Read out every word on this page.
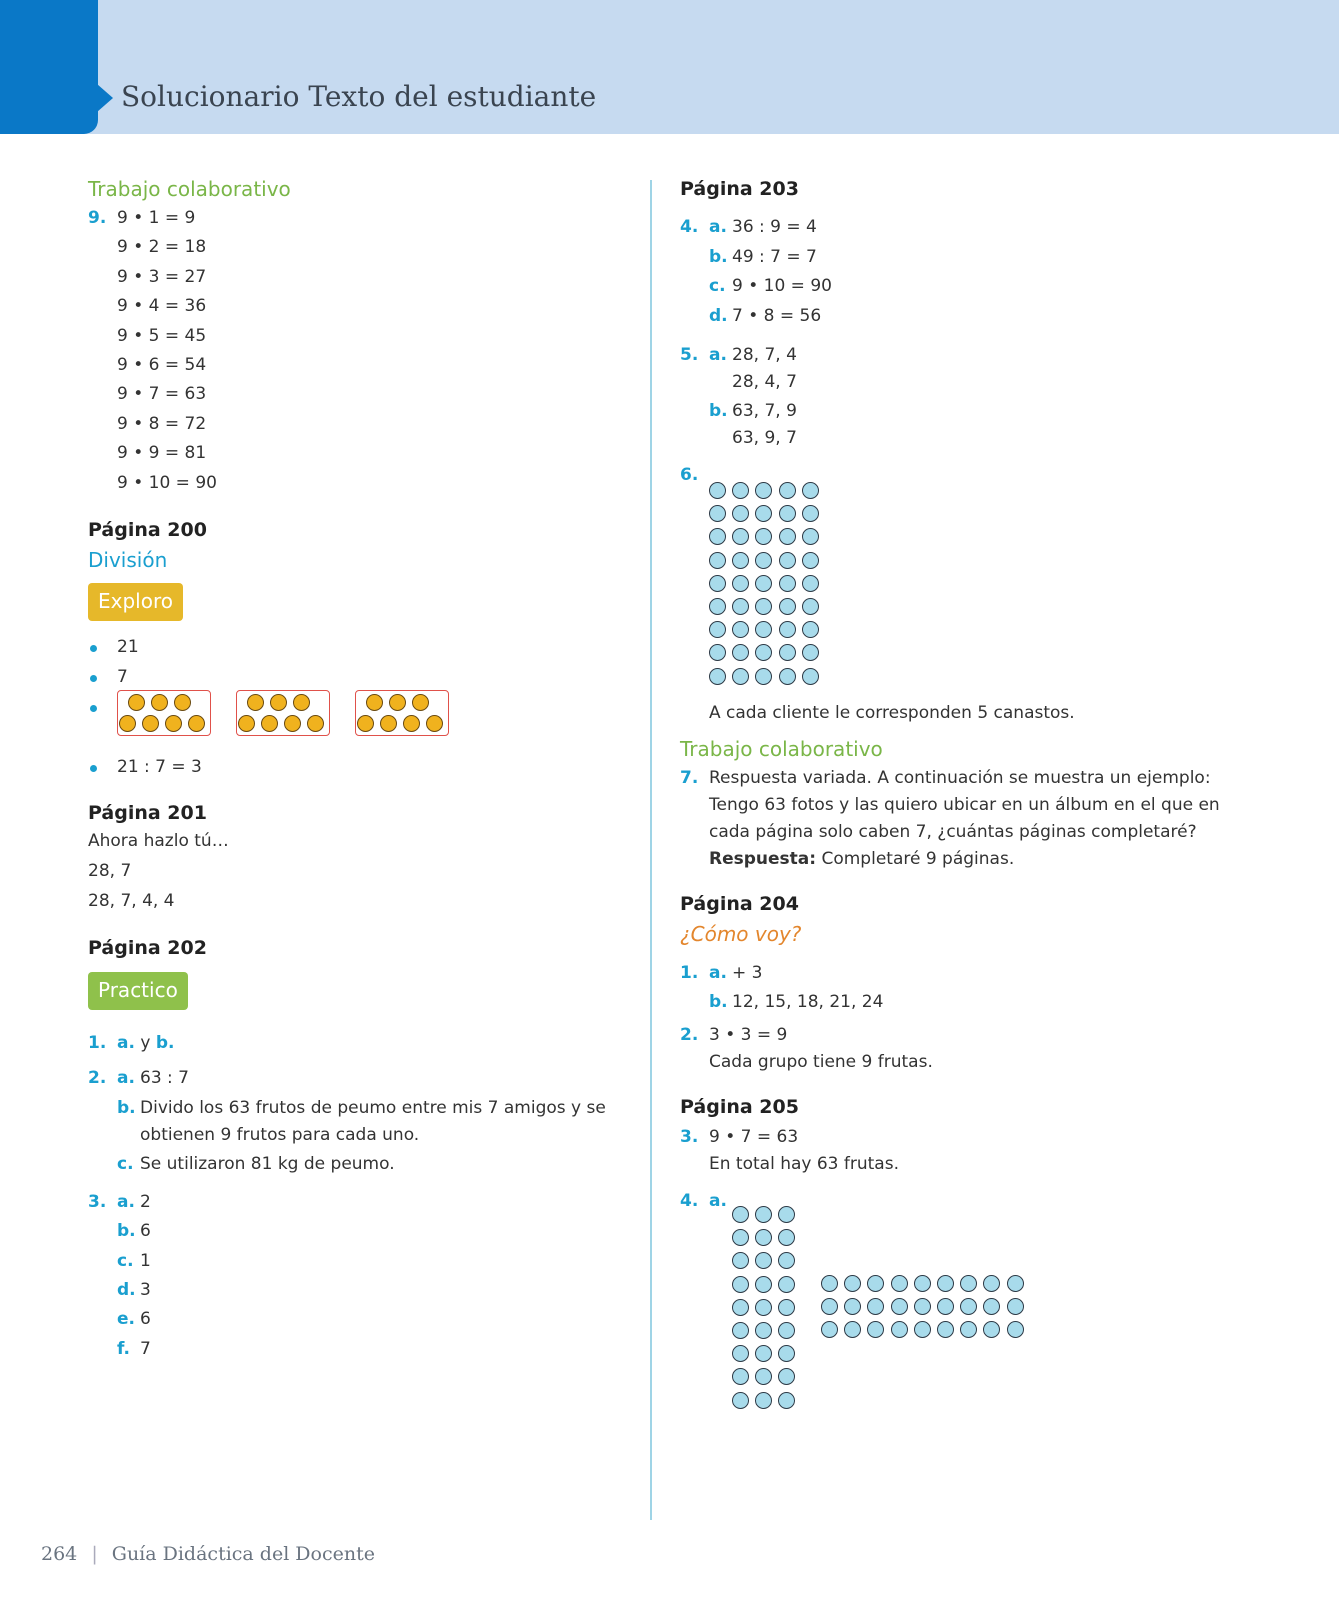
Solucionario Texto del estudiante
Trabajo colaborativo
9. 9 • 1 = 9
9 • 2 = 18
9 • 3 = 27
9 • 4 = 36
9 • 5 = 45
9 • 6 = 54
9 • 7 = 63
9 • 8 = 72
9 • 9 = 81
9 • 10 = 90
Página 200
División
Exploro
21
7
21 : 7 = 3
Página 201
Ahora hazlo tú…
28, 7
28, 7, 4, 4
Página 202
Practico
1. a. y b.
2. a. 63 : 7
b. Divido los 63 frutos de peumo entre mis 7 amigos y se
obtienen 9 frutos para cada uno.
c. Se utilizaron 81 kg de peumo.
3. a. 2
b. 6
c. 1
d. 3
e. 6
f. 7
Página 203
4. a. 36 : 9 = 4
b. 49 : 7 = 7
c. 9 • 10 = 90
d. 7 • 8 = 56
5. a. 28, 7, 4
28, 4, 7
b. 63, 7, 9
63, 9, 7
6.
A cada cliente le corresponden 5 canastos.
Trabajo colaborativo
7. Respuesta variada. A continuación se muestra un ejemplo:
Tengo 63 fotos y las quiero ubicar en un álbum en el que en
cada página solo caben 7, ¿cuántas páginas completaré?
Respuesta: Completaré 9 páginas.
Página 204
¿Cómo voy?
1. a. + 3
b. 12, 15, 18, 21, 24
2. 3 • 3 = 9
Cada grupo tiene 9 frutas.
Página 205
3. 9 • 7 = 63
En total hay 63 frutas.
4. a.
264 | Guía Didáctica del Docente
